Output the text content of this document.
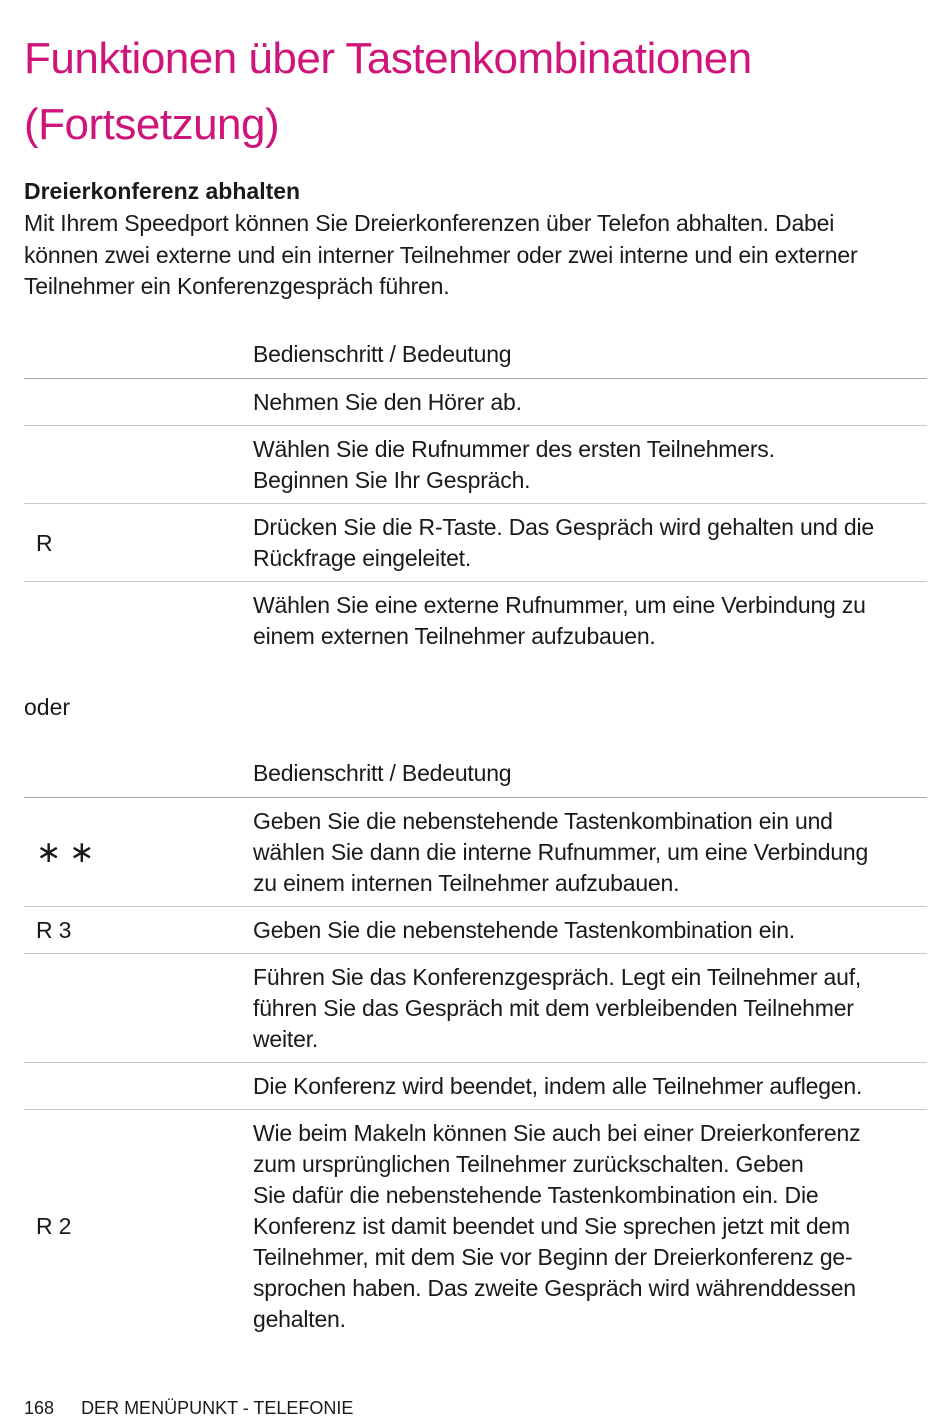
Funktionen über Tastenkombinationen
(Fortsetzung)
Dreierkonferenz abhalten

Mit Ihrem Speedport können Sie Dreierkonferenzen über Telefon abhalten. Dabei
können zwei externe und ein interner Teilnehmer oder zwei interne und ein externer
Teilnehmer ein Konferenzgespräch führen.

Bedienschritt / Bedeutung
Nehmen Sie den Hörer ab.
Wählen Sie die Rufnummer des ersten Teilnehmers.
Beginnen Sie Ihr Gespräch.
R
Drücken Sie die R-Taste. Das Gespräch wird gehalten und die
Rückfrage eingeleitet.
Wählen Sie eine externe Rufnummer, um eine Verbindung zu
einem externen Teilnehmer aufzubauen.
oder
Bedienschritt / Bedeutung
∗∗
Geben Sie die nebenstehende Tastenkombination ein und
wählen Sie dann die interne Rufnummer, um eine Verbindung
zu einem internen Teilnehmer aufzubauen.
R 3	Geben Sie die nebenstehende Tastenkombination ein.
Führen Sie das Konferenzgespräch. Legt ein Teilnehmer auf,
führen Sie das Gespräch mit dem verbleibenden Teilnehmer
weiter.
Die Konferenz wird beendet, indem alle Teilnehmer auflegen.
R 2
Wie beim Makeln können Sie auch bei einer Dreierkonferenz
zum ursprünglichen Teilnehmer zurückschalten. Geben
Sie dafür die nebenstehende Tastenkombination ein. Die
Konferenz ist damit beendet und Sie sprechen jetzt mit dem
Teilnehmer, mit dem Sie vor Beginn der Dreierkonferenz ge-
sprochen haben. Das zweite Gespräch wird währenddessen
gehalten.
168 DER MENÜPUNKT - TELEFONIE
